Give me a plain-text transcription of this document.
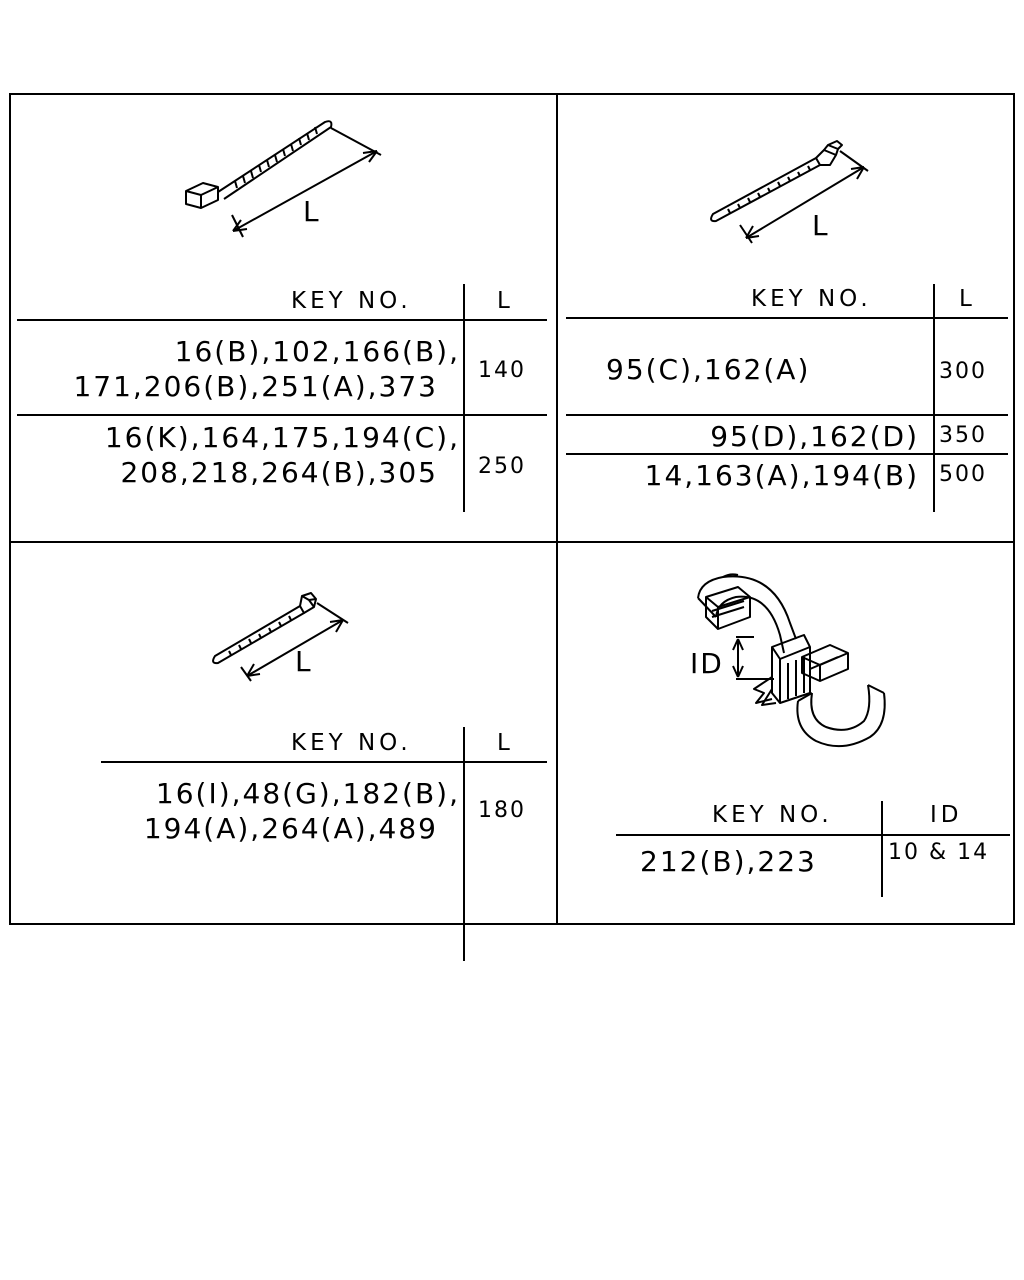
L
KEY NO.	L
16(B),102,166(B),
171,206(B),251(A),373 140
16(K),164,175,194(C),
208,218,264(B),305 250
L
KEY NO.	L
95(C),162(A)	300
95(D),162(D) 350
14,163(A),194(B) 500
L
KEY NO.	L
16(I),48(G),182(B),
194(A),264(A),489
180
ID
KEY NO.	ID
212(B),223	10 & 14
